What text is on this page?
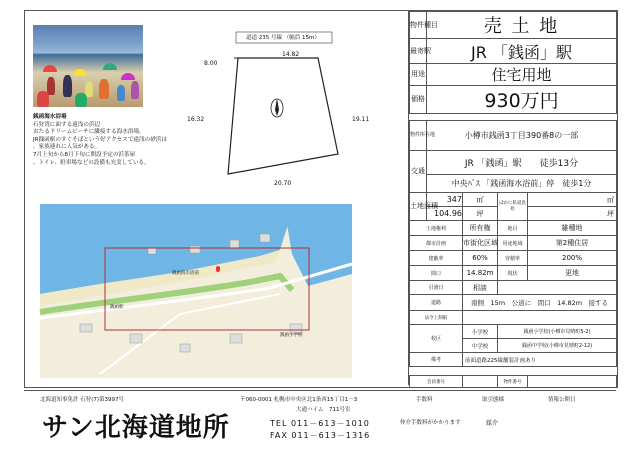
道道 235 号線 （幅員 15m）
14.82
8.00
16.32	19.11
20.70
銭函海水浴場
石狩湾に面する遠浅の浜辺
おたるドリームビーチに隣接する海水浴場。
JR銭函駅のすぐそばという好アクセスで遠浅の砂浜は
、家族連れに人気がある。
7月上旬から8月下旬に開設予定の浜茶屋
、トイレ、駐車場などの設備も充実している。
銭函海水浴前
銭函小学校
銭函駅
物件種目	売 土 地			
最寄駅	JR 「銭函」駅			
用途	住宅用地			
価格	930万円			

物件所在地	小樽市銭函3丁目390番8の一部			
交通	JR 「銭函」駅　　徒歩13分			
	中央ﾊﾞｽ 「銭函海水浴前」停　徒歩1分			
土地面積	347	㎡	ほかに私道負担	㎡
	104.96	坪		坪
土地権利		所有権	地目	雑種地
都市計画		市街化区域	用途地域	第2種住居
建蔽率		60%	容積率	200%
間口		14.82m	現状	更地
引渡日		相談		
道路		南側　15m　公道に　間口　14.82m　接する		
法令上制限				
校区		小学校	銭函小学校(小樽市見晴町5-2)	
		中学校	銭函中学校(小樽市見晴町2-12)	
備考		前面道路225線舗装計画あり		

会員番号			物件番号	
北海道知事免許 石狩(7)第3997号
サン北海道地所
〒060-0001 札幌市中央区北1条西15丁目1－3
大通ハイム　711号室
TEL 011－613－1010
FAX 011－613－1316
手数料
仲介手数料がかかります
取引態様
媒介
情報公開日
